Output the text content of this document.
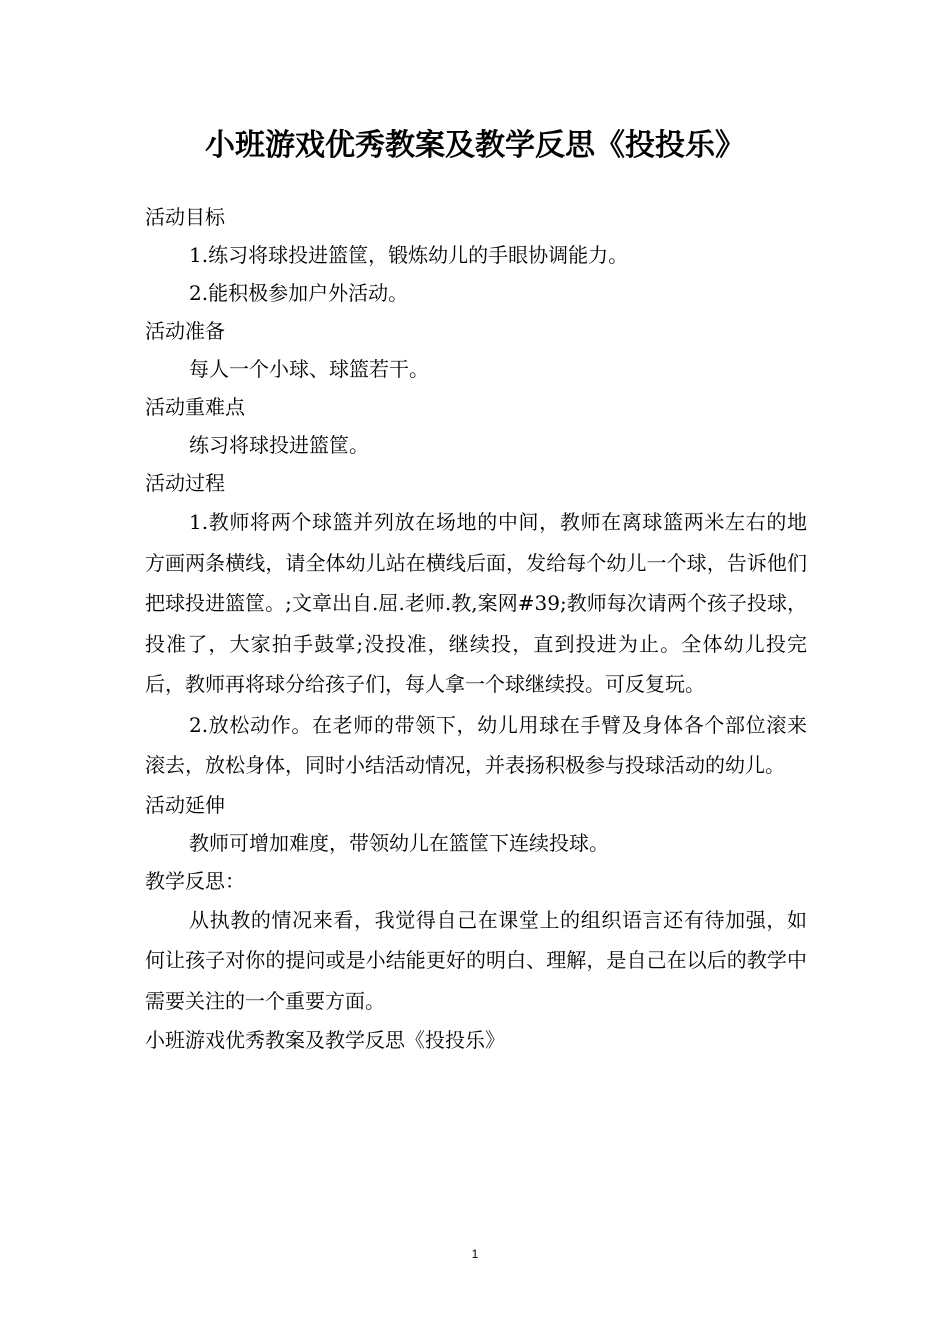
小班游戏优秀教案及教学反思《投投乐》

活动目标

1.练习将球投进篮筐，锻炼幼儿的手眼协调能力。

2.能积极参加户外活动。

活动准备

每人一个小球、球篮若干。

活动重难点

练习将球投进篮筐。

活动过程

1.教师将两个球篮并列放在场地的中间，教师在离球篮两米左右的地方画两条横线，请全体幼儿站在横线后面，发给每个幼儿一个球，告诉他们把球投进篮筐。;文章出自.屈.老师.教,案网#39;教师每次请两个孩子投球，投准了，大家拍手鼓掌;没投准，继续投，直到投进为止。全体幼儿投完后，教师再将球分给孩子们，每人拿一个球继续投。可反复玩。

2.放松动作。在老师的带领下，幼儿用球在手臂及身体各个部位滚来滚去，放松身体，同时小结活动情况，并表扬积极参与投球活动的幼儿。

活动延伸

教师可增加难度，带领幼儿在篮筐下连续投球。

教学反思：

从执教的情况来看，我觉得自己在课堂上的组织语言还有待加强，如何让孩子对你的提问或是小结能更好的明白、理解，是自己在以后的教学中需要关注的一个重要方面。

小班游戏优秀教案及教学反思《投投乐》

1
